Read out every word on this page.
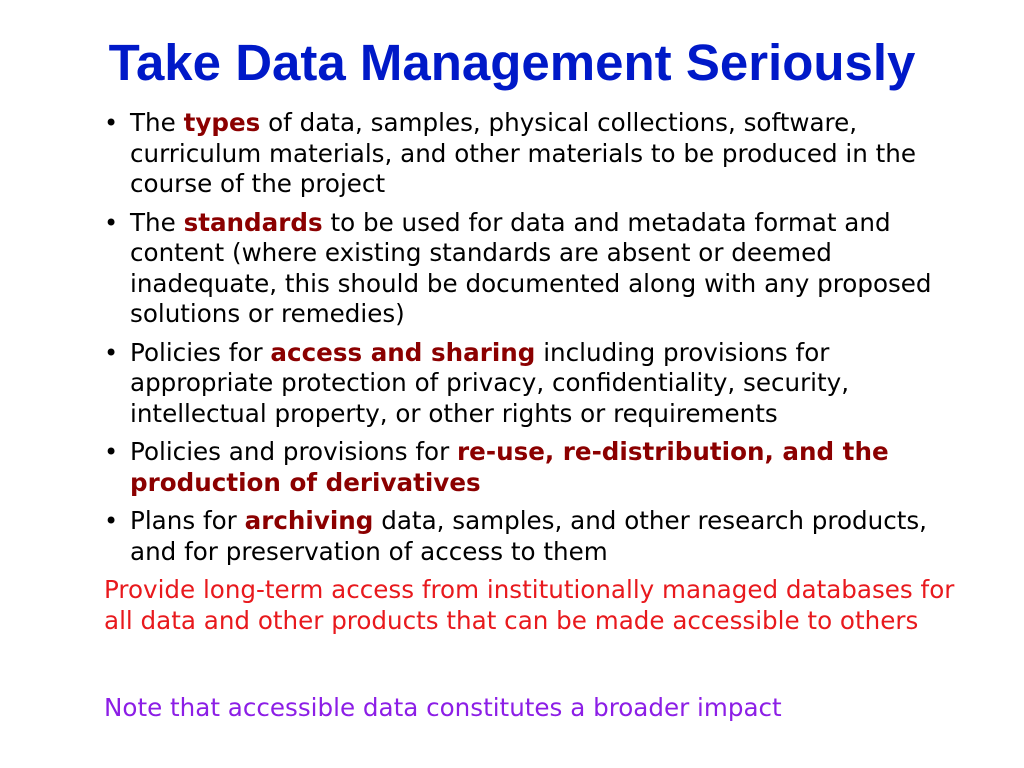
Take Data Management Seriously
• The types of data, samples, physical collections, software, curriculum materials, and other materials to be produced in the course of the project
• The standards to be used for data and metadata format and content (where existing standards are absent or deemed inadequate, this should be documented along with any proposed solutions or remedies)
• Policies for access and sharing including provisions for appropriate protection of privacy, confidentiality, security, intellectual property, or other rights or requirements
• Policies and provisions for re-use, re-distribution, and the production of derivatives
• Plans for archiving data, samples, and other research products, and for preservation of access to them

Provide long-term access from institutionally managed databases for all data and other products that can be made accessible to others

Note that accessible data constitutes a broader impact
